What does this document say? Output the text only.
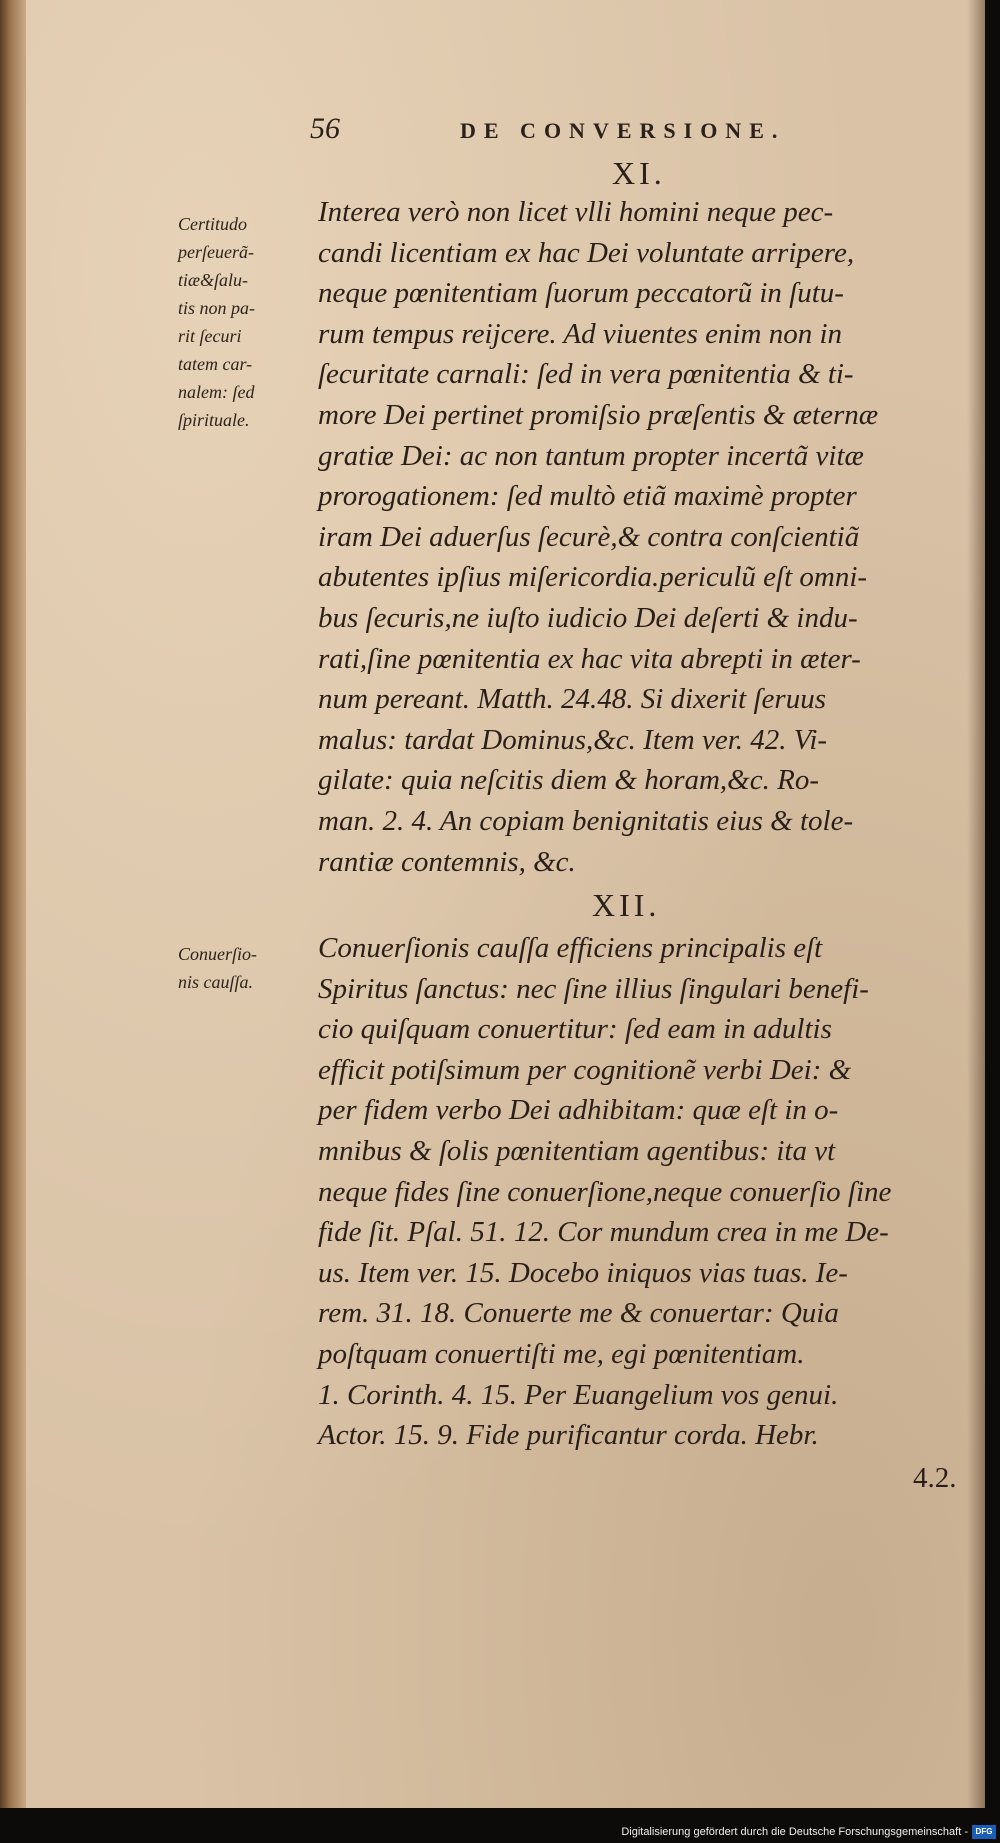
56	DE CONVERSIONE.
XI.
Certitudo
perſeuerã-
tiæ&ſalu-
tis non pa-
rit ſecuri
tatem car-
nalem: ſed
ſpirituale.
Interea verò non licet vlli homini neque pec-
candi licentiam ex hac Dei voluntate arripere,
neque pœnitentiam ſuorum peccatorũ in ſutu-
rum tempus reijcere. Ad viuentes enim non in
ſecuritate carnali: ſed in vera pœnitentia & ti-
more Dei pertinet promiſsio præſentis & æternæ
gratiæ Dei: ac non tantum propter incertã vitæ
prorogationem: ſed multò etiã maximè propter
iram Dei aduerſus ſecurè,& contra conſcientiã
abutentes ipſius miſericordia.periculũ eſt omni-
bus ſecuris,ne iuſto iudicio Dei deſerti & indu-
rati,ſine pœnitentia ex hac vita abrepti in æter-
num pereant. Matth. 24.48. Si dixerit ſeruus
malus: tardat Dominus,&c. Item ver. 42. Vi-
gilate: quia neſcitis diem & horam,&c. Ro-
man. 2. 4. An copiam benignitatis eius & tole-
rantiæ contemnis, &c.
XII.
Conuerſio-
nis cauſſa.
Conuerſionis cauſſa efficiens principalis eſt
Spiritus ſanctus: nec ſine illius ſingulari benefi-
cio quiſquam conuertitur: ſed eam in adultis
efficit potiſsimum per cognitionẽ verbi Dei: &
per fidem verbo Dei adhibitam: quæ eſt in o-
mnibus & ſolis pœnitentiam agentibus: ita vt
neque fides ſine conuerſione,neque conuerſio ſine
fide ſit. Pſal. 51. 12. Cor mundum crea in me De-
us. Item ver. 15. Docebo iniquos vias tuas. Ie-
rem. 31. 18. Conuerte me & conuertar: Quia
poſtquam conuertiſti me, egi pœnitentiam.
1. Corinth. 4. 15. Per Euangelium vos genui.
Actor. 15. 9. Fide purificantur corda. Hebr.
4.2.
Digitalisierung gefördert durch die Deutsche Forschungsgemeinschaft - DFG
